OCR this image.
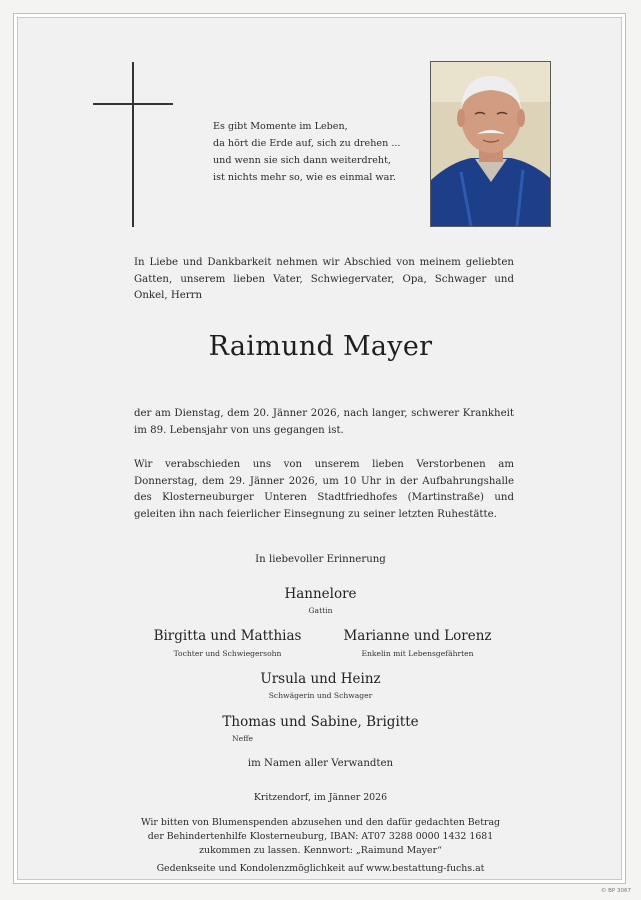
Es gibt Momente im Leben,
da hört die Erde auf, sich zu drehen ...
und wenn sie sich dann weiterdreht,
ist nichts mehr so, wie es einmal war.

In Liebe und Dankbarkeit nehmen wir Abschied von meinem geliebten Gatten, unserem lieben Vater, Schwiegervater, Opa, Schwager und Onkel, Herrn

Raimund Mayer

der am Dienstag, dem 20. Jänner 2026, nach langer, schwerer Krankheit im 89. Lebensjahr von uns gegangen ist.

Wir verabschieden uns von unserem lieben Verstorbenen am Donnerstag, dem 29. Jänner 2026, um 10 Uhr in der Aufbahrungshalle des Klosterneuburger Unteren Stadtfriedhofes (Martinstraße) und geleiten ihn nach feierlicher Einsegnung zu seiner letzten Ruhestätte.

In liebevoller Erinnerung
Hannelore
Gattin
Birgitta und Matthias
Tochter und Schwiegersohn
Marianne und Lorenz
Enkelin mit Lebensgefährten
Ursula und Heinz
Schwägerin und Schwager
Thomas und Sabine, Brigitte
Neffe
im Namen aller Verwandten
Kritzendorf, im Jänner 2026
Wir bitten von Blumenspenden abzusehen und den dafür gedachten Betrag
der Behindertenhilfe Klosterneuburg, IBAN: AT07 3288 0000 1432 1681
zukommen zu lassen. Kennwort: „Raimund Mayer“
Gedenkseite und Kondolenzmöglichkeit auf www.bestattung-fuchs.at
© BP 3067
